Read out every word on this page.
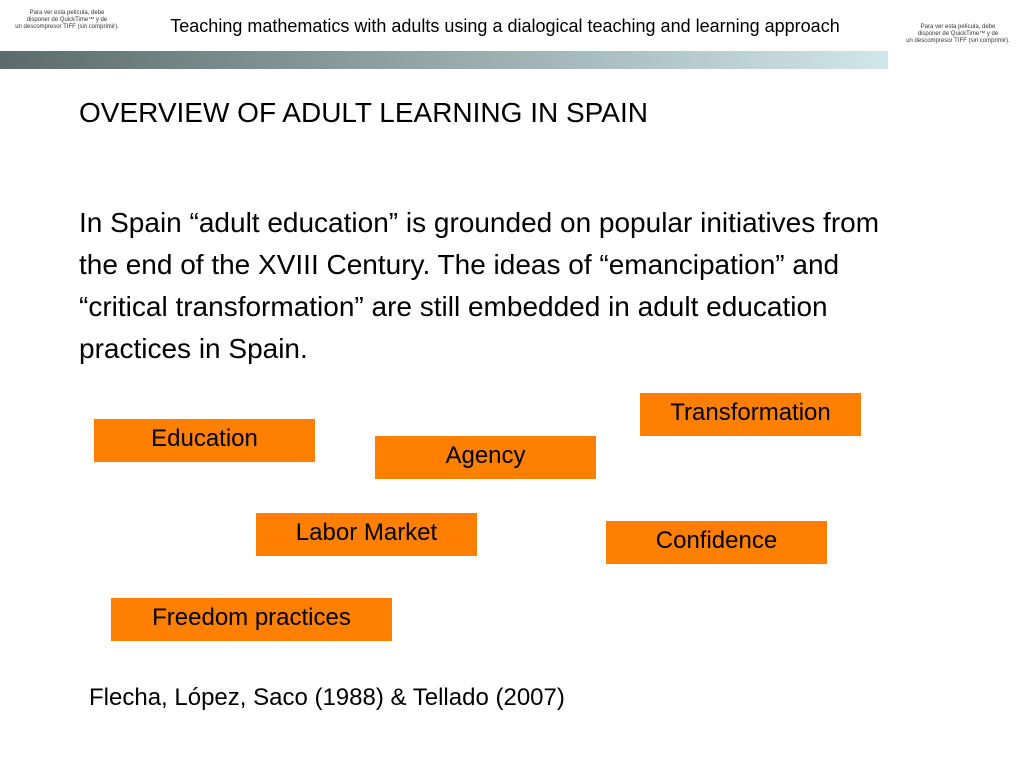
Para ver esta película, debe
disponer de QuickTime™ y de
un descompresor TIFF (sin comprimir).	Teaching mathematics with adults using a dialogical teaching and learning approach	Para ver esta película, debe
disponer de QuickTime™ y de
un descompresor TIFF (sin comprimir).
OVERVIEW OF ADULT LEARNING IN SPAIN
In Spain “adult education” is grounded on popular initiatives from the end of the XVIII Century. The ideas of “emancipation” and “critical transformation” are still embedded in adult education practices in Spain.
Transformation
Education
Agency
Labor Market	Confidence
Freedom practices
Flecha, López, Saco (1988) & Tellado (2007)
